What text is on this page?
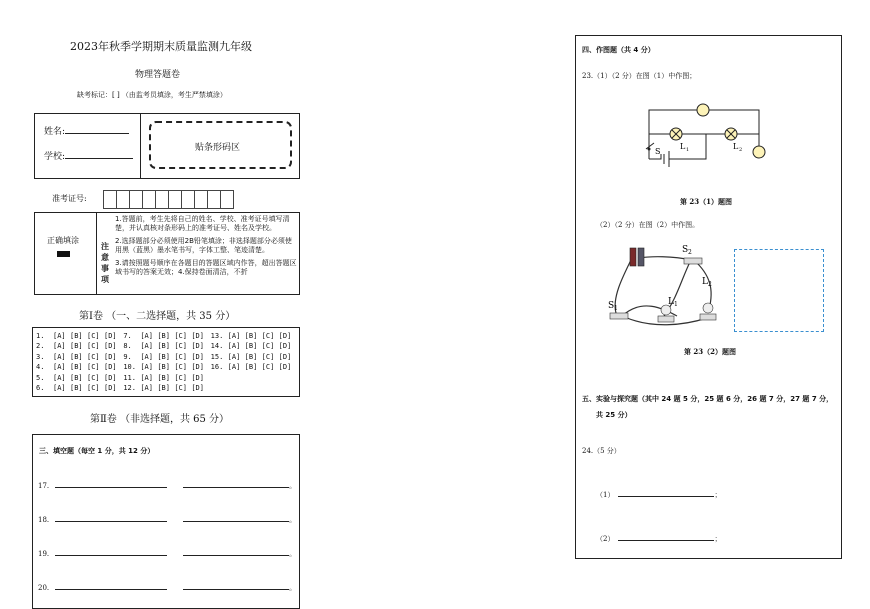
2023年秋季学期期末质量监测九年级
物理答题卷
缺考标记：[ ] （由监考员填涂，考生严禁填涂）
姓名:
学校:
贴条形码区
准考证号:
正确填涂
注意事项
1.答题前，考生先将自己的姓名、学校、准考证号填写清楚，并认真核对条形码上的准考证号、姓名及学校。
2.选择题部分必须使用2B铅笔填涂；非选择题部分必须使用黑（蓝黑）墨水笔书写，字体工整、笔迹清楚。
3.请按照题号顺序在各题目的答题区域内作答，超出答题区域书写的答案无效；4.保持卷面清洁，不折
第Ⅰ卷 （一、二选择题，共 35 分）
1.	[A] [B] [C] [D] 7.	[A] [B] [C] [D] 13. [A] [B] [C] [D]
2.	[A] [B] [C] [D] 8.	[A] [B] [C] [D] 14. [A] [B] [C] [D]
3.	[A] [B] [C] [D] 9.	[A] [B] [C] [D] 15. [A] [B] [C] [D]
4.	[A] [B] [C] [D] 10. [A] [B] [C] [D] 16. [A] [B] [C] [D]
5.	[A] [B] [C] [D] 11. [A] [B] [C] [D]
6.	[A] [B] [C] [D] 12. [A] [B] [C] [D]
第Ⅱ卷 （非选择题，共 65 分）
三、填空题（每空 1 分，共 12 分）
17.	。
18.	。
19.	。
20.	。
四、作图题（共 4 分）
23.（1）（2 分）在图（1）中作图；
S
L 1	L 2
第 23（1）题图
（2）（2 分）在图（2）中作图。
S 2
S 1
L 1
L 2
第 23（2）题图
五、实验与探究题（其中 24 题 5 分，25 题 6 分，26 题 7 分，27 题 7 分，
共 25 分）
24.（5 分）
（1）	；
（2）	；
